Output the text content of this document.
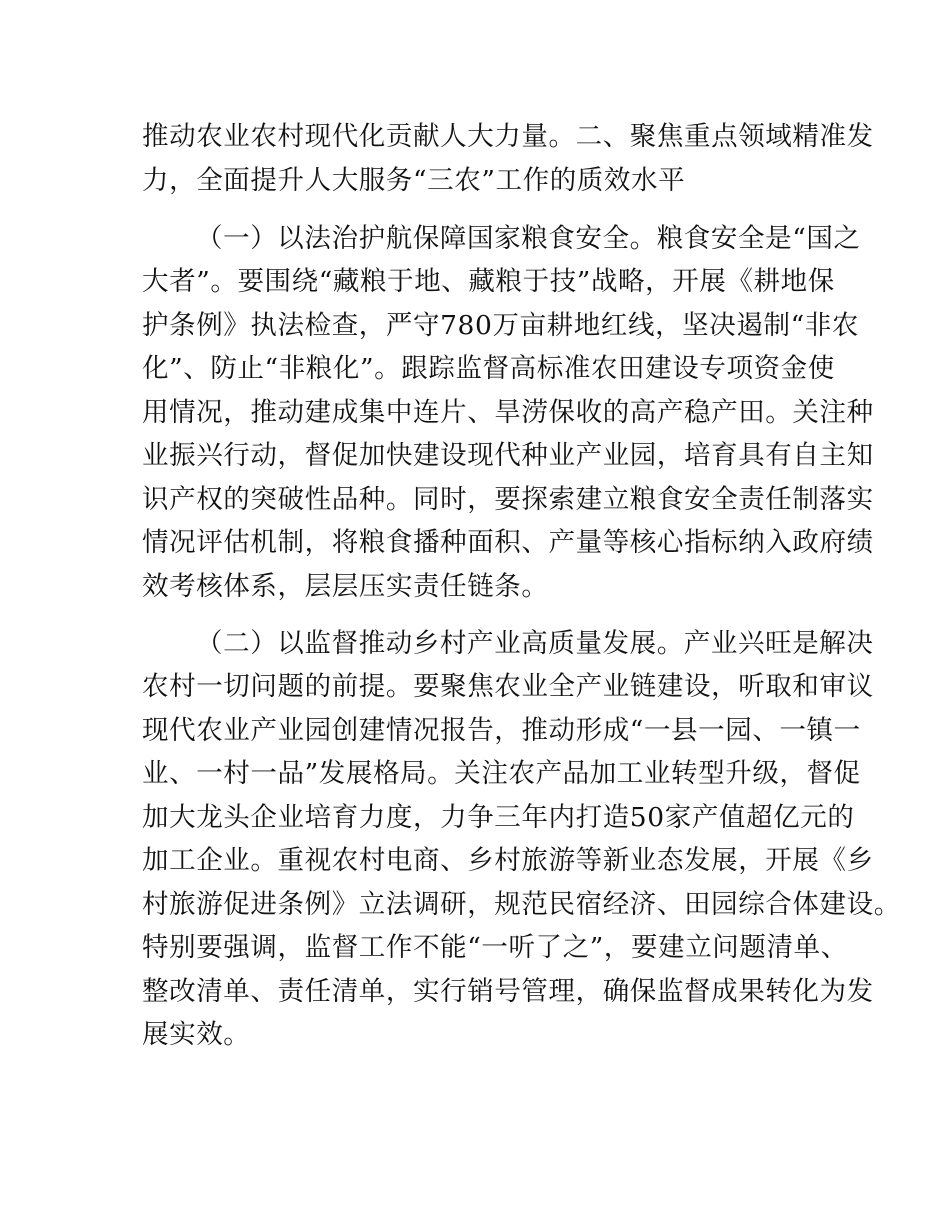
推动农业农村现代化贡献人大力量。二、聚焦重点领域精准发
力，全面提升人大服务“三农”工作的质效水平
（一）以法治护航保障国家粮食安全。粮食安全是“国之
大者”。要围绕“藏粮于地、藏粮于技”战略，开展《耕地保
护条例》执法检查，严守780万亩耕地红线，坚决遏制“非农
化”、防止“非粮化”。跟踪监督高标准农田建设专项资金使
用情况，推动建成集中连片、旱涝保收的高产稳产田。关注种
业振兴行动，督促加快建设现代种业产业园，培育具有自主知
识产权的突破性品种。同时，要探索建立粮食安全责任制落实
情况评估机制，将粮食播种面积、产量等核心指标纳入政府绩
效考核体系，层层压实责任链条。
（二）以监督推动乡村产业高质量发展。产业兴旺是解决
农村一切问题的前提。要聚焦农业全产业链建设，听取和审议
现代农业产业园创建情况报告，推动形成“一县一园、一镇一
业、一村一品”发展格局。关注农产品加工业转型升级，督促
加大龙头企业培育力度，力争三年内打造50家产值超亿元的
加工企业。重视农村电商、乡村旅游等新业态发展，开展《乡
村旅游促进条例》立法调研，规范民宿经济、田园综合体建设。
特别要强调，监督工作不能“一听了之”，要建立问题清单、
整改清单、责任清单，实行销号管理，确保监督成果转化为发
展实效。
